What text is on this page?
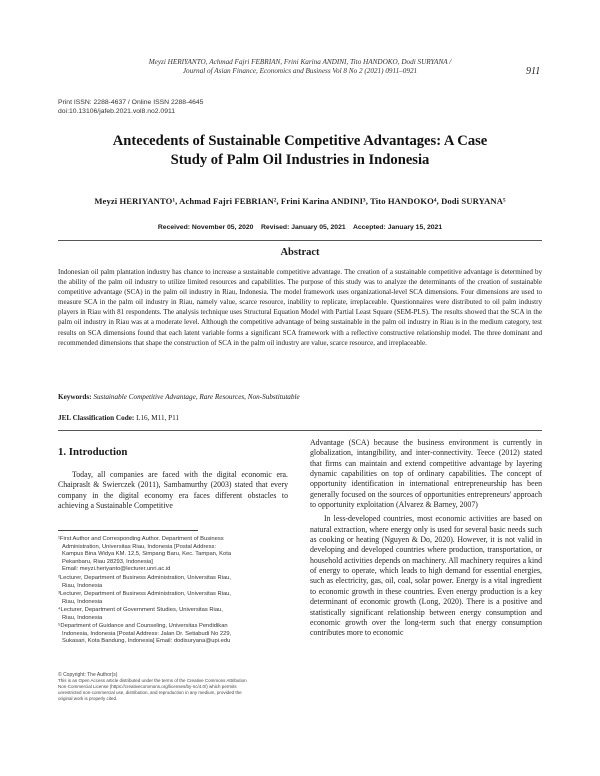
Meyzi HERIYANTO, Achmad Fajri FEBRIAN, Frini Karina ANDINI, Tito HANDOKO, Dodi SURYANA /
Journal of Asian Finance, Economics and Business Vol 8 No 2 (2021) 0911–0921	911
Print ISSN: 2288-4637 / Online ISSN 2288-4645
doi:10.13106/jafeb.2021.vol8.no2.0911
Antecedents of Sustainable Competitive Advantages: A Case
Study of Palm Oil Industries in Indonesia
Meyzi HERIYANTO¹, Achmad Fajri FEBRIAN², Frini Karina ANDINI³, Tito HANDOKO⁴, Dodi SURYANA⁵
Received: November 05, 2020    Revised: January 05, 2021    Accepted: January 15, 2021
Abstract
Indonesian oil palm plantation industry has chance to increase a sustainable competitive advantage. The creation of a sustainable competitive advantage is determined by the ability of the palm oil industry to utilize limited resources and capabilities. The purpose of this study was to analyze the determinants of the creation of sustainable competitive advantage (SCA) in the palm oil industry in Riau, Indonesia. The model framework uses organizational-level SCA dimensions. Four dimensions are used to measure SCA in the palm oil industry in Riau, namely value, scarce resource, inability to replicate, irreplaceable. Questionnaires were distributed to oil palm industry players in Riau with 81 respondents. The analysis technique uses Structural Equation Model with Partial Least Square (SEM-PLS). The results showed that the SCA in the palm oil industry in Riau was at a moderate level. Although the competitive advantage of being sustainable in the palm oil industry in Riau is in the medium category, test results on SCA dimensions found that each latent variable forms a significant SCA framework with a reflective constructive relationship model. The three dominant and recommended dimensions that shape the construction of SCA in the palm oil industry are value, scarce resource, and irreplaceable.
Keywords: Sustainable Competitive Advantage, Rare Resources, Non-Substitutable
JEL Classification Code: L16, M11, P11
1. Introduction

Today, all companies are faced with the digital economic era. Chaipraslt & Swierczek (2011), Sambamurthy (2003) stated that every company in the digital economy era faces different obstacles to achieving a Sustainable Competitive

Advantage (SCA) because the business environment is currently in globalization, intangibility, and inter-connectivity. Teece (2012) stated that firms can maintain and extend competitive advantage by layering dynamic capabilities on top of ordinary capabilities. The concept of opportunity identification in international entrepreneurship has been generally focused on the sources of opportunities entrepreneurs' approach to opportunity exploitation (Alvarez & Barney, 2007)

In less-developed countries, most economic activities are based on natural extraction, where energy only is used for several basic needs such as cooking or heating (Nguyen & Do, 2020). However, it is not valid in developing and developed countries where production, transportation, or household activities depends on machinery. All machinery requires a kind of energy to operate, which leads to high demand for essential energies, such as electricity, gas, oil, coal, solar power. Energy is a vital ingredient to economic growth in these countries. Even energy production is a key determinant of economic growth (Long, 2020). There is a positive and statistically significant relationship between energy consumption and economic growth over the long-term such that energy consumption contributes more to economic

¹First Author and Corresponding Author. Department of Business
Administration, Universitas Riau, Indonesia [Postal Address:
Kampus Bina Widya KM. 12,5, Simpang Baru, Kec. Tampan, Kota
Pekanbaru, Riau 28293, Indonesia]
Email: meyzi.heriyanto@lecturer.unri.ac.id
²Lecturer, Department of Business Administration, Universitas Riau,
Riau, Indonesia
³Lecturer, Department of Business Administration, Universitas Riau,
Riau, Indonesia
⁴Lecturer, Department of Government Studies, Universitas Riau,
Riau, Indonesia
⁵Department of Guidance and Counseling, Universitas Pendidikan
Indonesia, Indonesia [Postal Address: Jalan Dr. Setiabudi No 229,
Sukasari, Kota Bandung, Indonesia] Email: dodisuryana@upi.edu
© Copyright: The Author(s)
This is an Open Access article distributed under the terms of the Creative Commons Attribution
Non-Commercial License (https://creativecommons.org/licenses/by-nc/4.0/) which permits
unrestricted non-commercial use, distribution, and reproduction in any medium, provided the
original work is properly cited.
